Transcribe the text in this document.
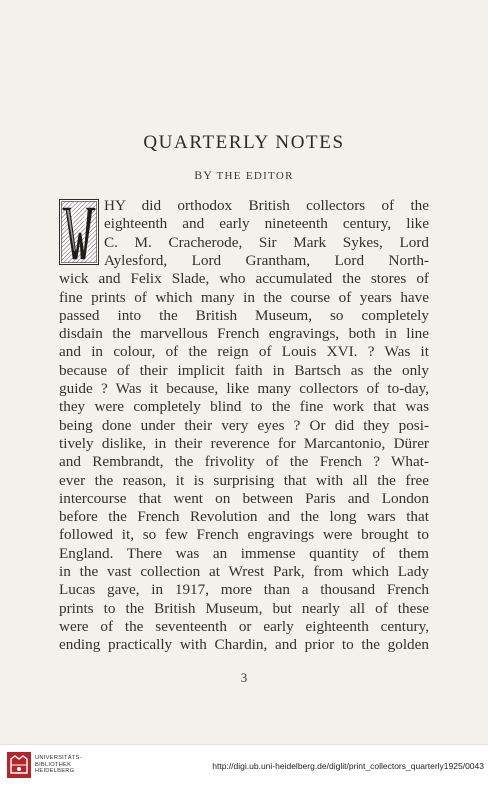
QUARTERLY NOTES
BY THE EDITOR
HY did orthodox British collectors of the
eighteenth and early nineteenth century, like
C. M. Cracherode, Sir Mark Sykes, Lord
Aylesford, Lord Grantham, Lord North-
wick and Felix Slade, who accumulated the stores of
fine prints of which many in the course of years have
passed into the British Museum, so completely
disdain the marvellous French engravings, both in line
and in colour, of the reign of Louis XVI. ? Was it
because of their implicit faith in Bartsch as the only
guide ? Was it because, like many collectors of to-day,
they were completely blind to the fine work that was
being done under their very eyes ? Or did they posi-
tively dislike, in their reverence for Marcantonio, Dürer
and Rembrandt, the frivolity of the French ? What-
ever the reason, it is surprising that with all the free
intercourse that went on between Paris and London
before the French Revolution and the long wars that
followed it, so few French engravings were brought to
England. There was an immense quantity of them
in the vast collection at Wrest Park, from which Lady
Lucas gave, in 1917, more than a thousand French
prints to the British Museum, but nearly all of these
were of the seventeenth or early eighteenth century,
ending practically with Chardin, and prior to the golden
3
UNIVERSITÄTS-
BIBLIOTHEK
HEIDELBERG	http://digi.ub.uni-heidelberg.de/diglit/print_collectors_quarterly1925/0043
